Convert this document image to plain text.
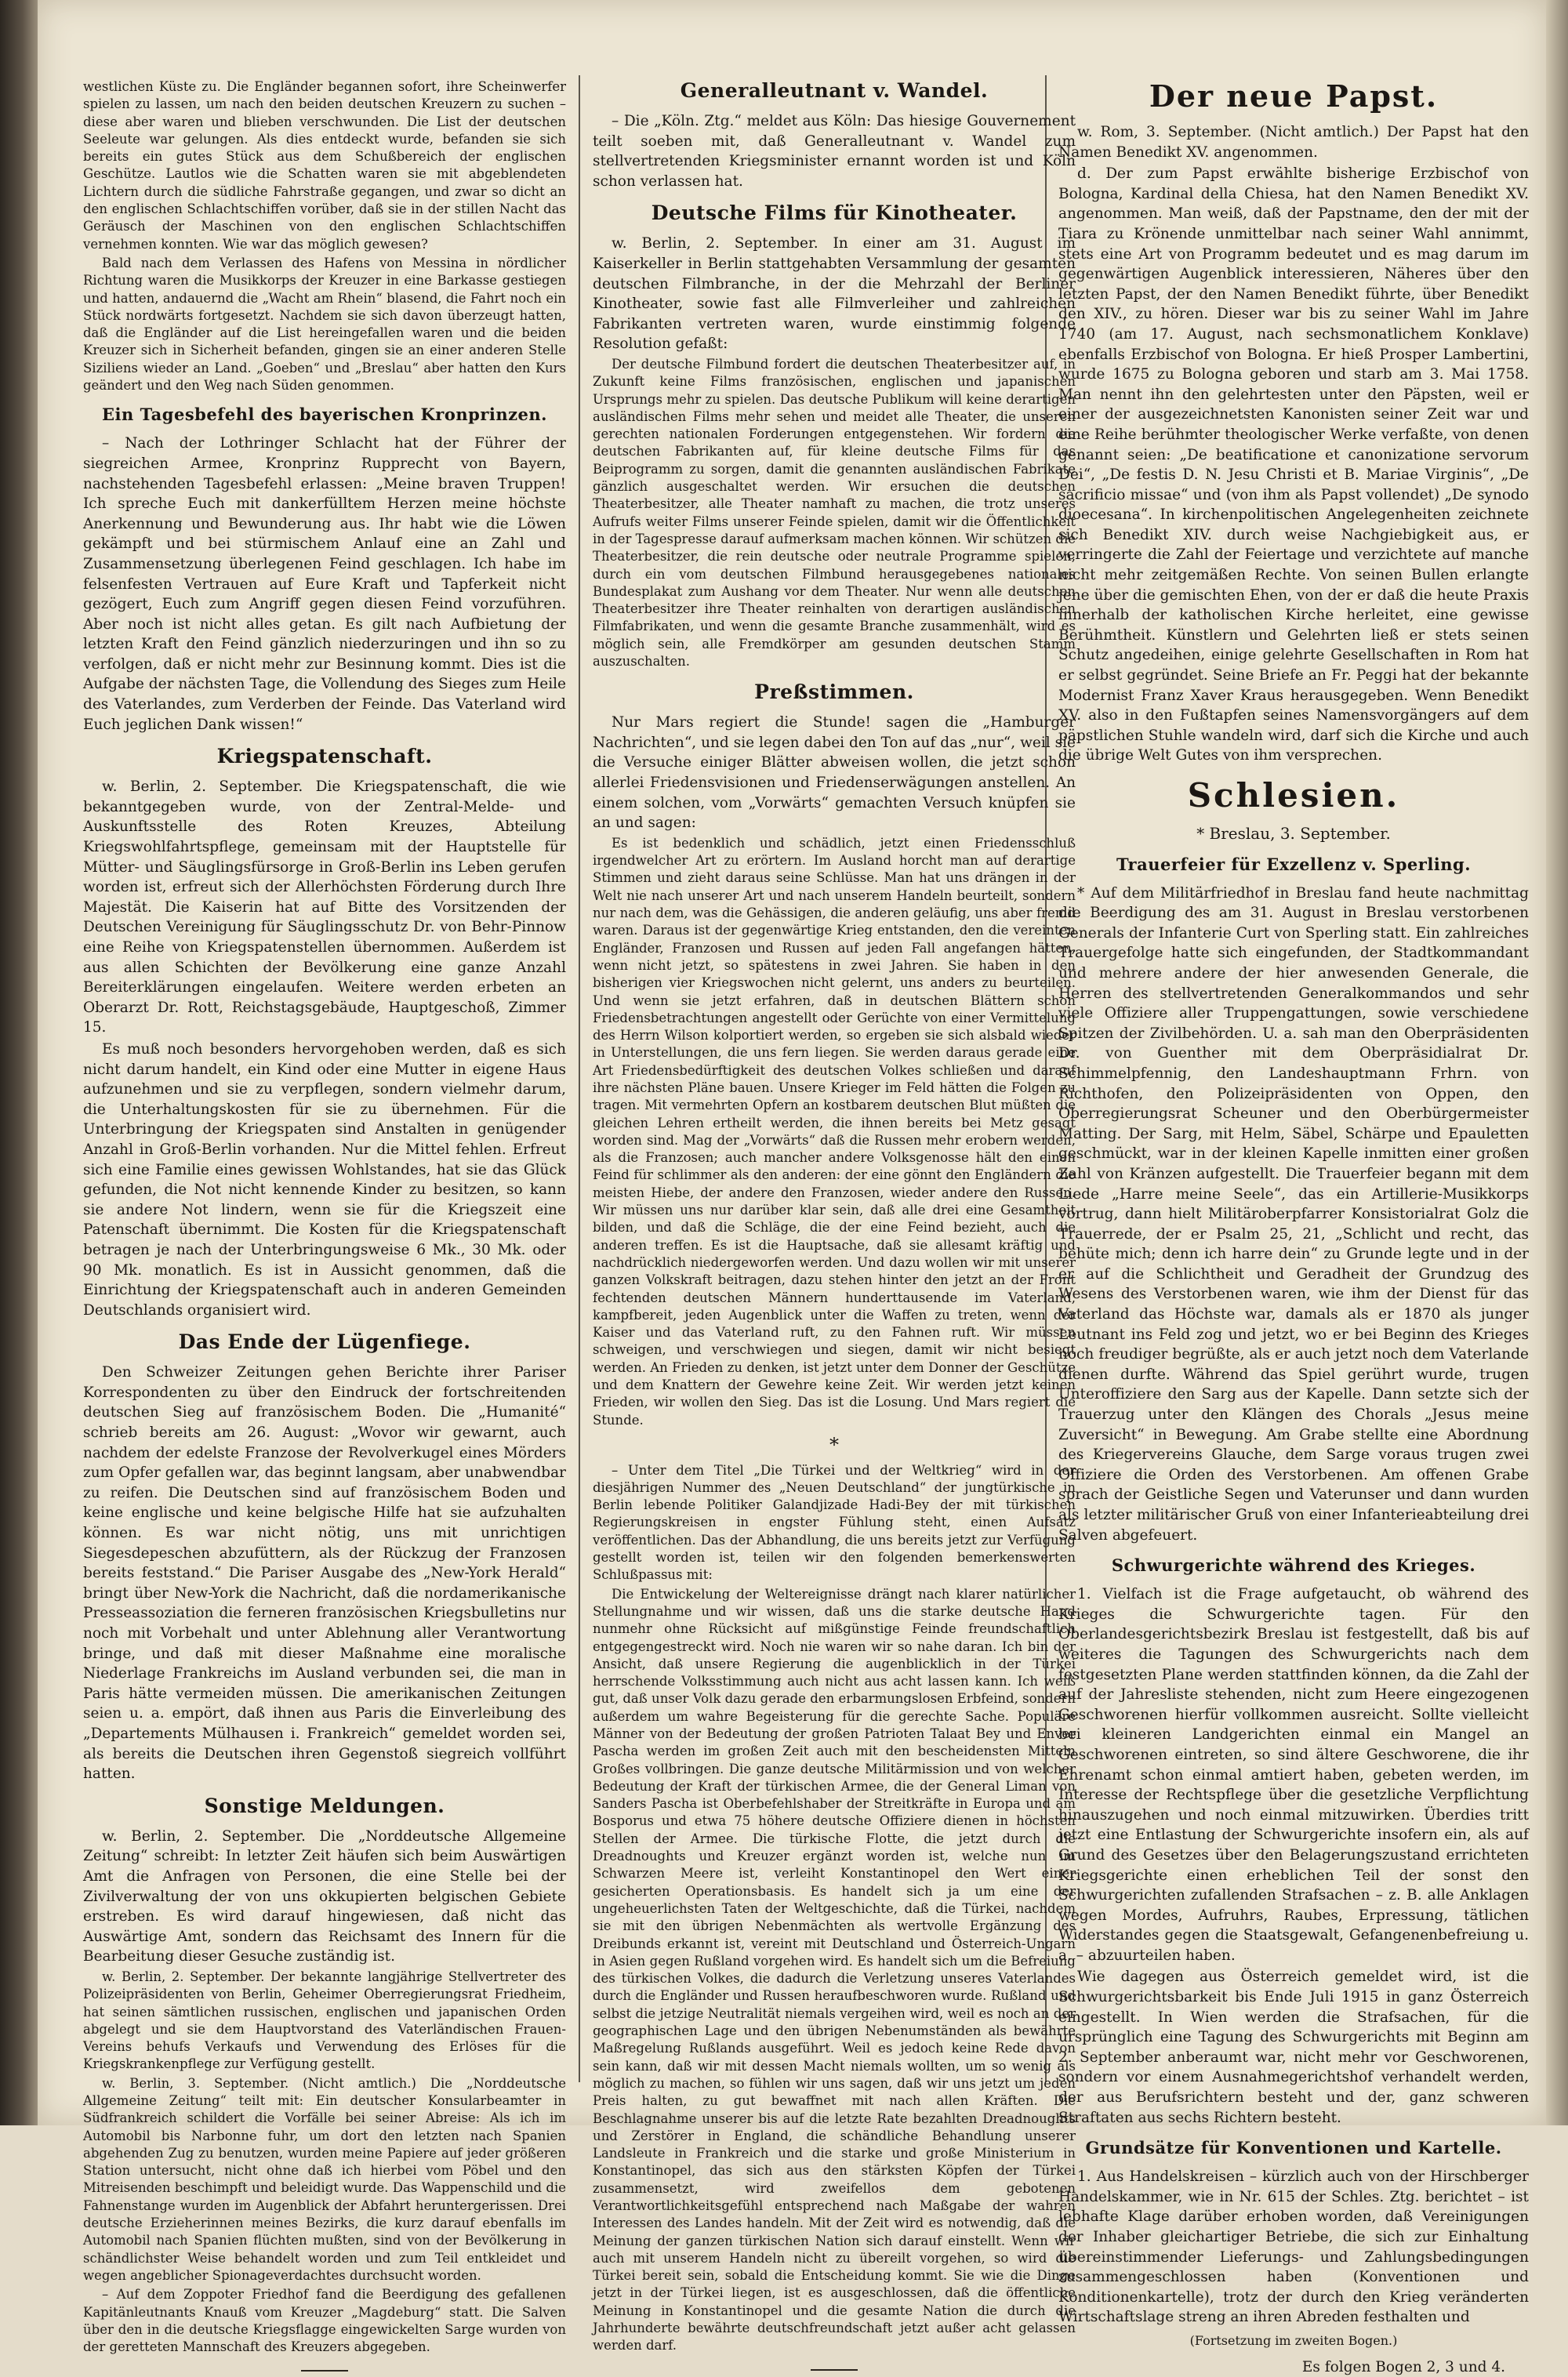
westlichen Küste zu. Die Engländer begannen sofort, ihre Scheinwerfer spielen zu lassen, um nach den beiden deutschen Kreuzern zu suchen – diese aber waren und blieben verschwunden. Die List der deutschen Seeleute war gelungen. Als dies entdeckt wurde, befanden sie sich bereits ein gutes Stück aus dem Schußbereich der englischen Geschütze. Lautlos wie die Schatten waren sie mit abgeblendeten Lichtern durch die südliche Fahrstraße gegangen, und zwar so dicht an den englischen Schlachtschiffen vorüber, daß sie in der stillen Nacht das Geräusch der Maschinen von den englischen Schlachtschiffen vernehmen konnten. Wie war das möglich gewesen?

Bald nach dem Verlassen des Hafens von Messina in nördlicher Richtung waren die Musikkorps der Kreuzer in eine Barkasse gestiegen und hatten, andauernd die „Wacht am Rhein“ blasend, die Fahrt noch ein Stück nordwärts fortgesetzt. Nachdem sie sich davon überzeugt hatten, daß die Engländer auf die List hereingefallen waren und die beiden Kreuzer sich in Sicherheit befanden, gingen sie an einer anderen Stelle Siziliens wieder an Land. „Goeben“ und „Breslau“ aber hatten den Kurs geändert und den Weg nach Süden genommen.

Ein Tagesbefehl des bayerischen Kronprinzen.

– Nach der Lothringer Schlacht hat der Führer der siegreichen Armee, Kronprinz Rupprecht von Bayern, nachstehenden Tagesbefehl erlassen: „Meine braven Truppen! Ich spreche Euch mit dankerfülltem Herzen meine höchste Anerkennung und Bewunderung aus. Ihr habt wie die Löwen gekämpft und bei stürmischem Anlauf eine an Zahl und Zusammensetzung überlegenen Feind geschlagen. Ich habe im felsenfesten Vertrauen auf Eure Kraft und Tapferkeit nicht gezögert, Euch zum Angriff gegen diesen Feind vorzuführen. Aber noch ist nicht alles getan. Es gilt nach Aufbietung der letzten Kraft den Feind gänzlich niederzuringen und ihn so zu verfolgen, daß er nicht mehr zur Besinnung kommt. Dies ist die Aufgabe der nächsten Tage, die Vollendung des Sieges zum Heile des Vaterlandes, zum Verderben der Feinde. Das Vaterland wird Euch jeglichen Dank wissen!“

Kriegspatenschaft.

w. Berlin, 2. September. Die Kriegspatenschaft, die wie bekanntgegeben wurde, von der Zentral-Melde- und Auskunftsstelle des Roten Kreuzes, Abteilung Kriegswohlfahrtspflege, gemeinsam mit der Hauptstelle für Mütter- und Säuglingsfürsorge in Groß-Berlin ins Leben gerufen worden ist, erfreut sich der Allerhöchsten Förderung durch Ihre Majestät. Die Kaiserin hat auf Bitte des Vorsitzenden der Deutschen Vereinigung für Säuglingsschutz Dr. von Behr-Pinnow eine Reihe von Kriegspatenstellen übernommen. Außerdem ist aus allen Schichten der Bevölkerung eine ganze Anzahl Bereiterklärungen eingelaufen. Weitere werden erbeten an Oberarzt Dr. Rott, Reichstagsgebäude, Hauptgeschoß, Zimmer 15.

Es muß noch besonders hervorgehoben werden, daß es sich nicht darum handelt, ein Kind oder eine Mutter in eigene Haus aufzunehmen und sie zu verpflegen, sondern vielmehr darum, die Unterhaltungskosten für sie zu übernehmen. Für die Unterbringung der Kriegspaten sind Anstalten in genügender Anzahl in Groß-Berlin vorhanden. Nur die Mittel fehlen. Erfreut sich eine Familie eines gewissen Wohlstandes, hat sie das Glück gefunden, die Not nicht kennende Kinder zu besitzen, so kann sie andere Not lindern, wenn sie für die Kriegszeit eine Patenschaft übernimmt. Die Kosten für die Kriegspatenschaft betragen je nach der Unterbringungsweise 6 Mk., 30 Mk. oder 90 Mk. monatlich. Es ist in Aussicht genommen, daß die Einrichtung der Kriegspatenschaft auch in anderen Gemeinden Deutschlands organisiert wird.

Das Ende der Lügenfiege.

Den Schweizer Zeitungen gehen Berichte ihrer Pariser Korrespondenten zu über den Eindruck der fortschreitenden deutschen Sieg auf französischem Boden. Die „Humanité“ schrieb bereits am 26. August: „Wovor wir gewarnt, auch nachdem der edelste Franzose der Revolverkugel eines Mörders zum Opfer gefallen war, das beginnt langsam, aber unabwendbar zu reifen. Die Deutschen sind auf französischem Boden und keine englische und keine belgische Hilfe hat sie aufzuhalten können. Es war nicht nötig, uns mit unrichtigen Siegesdepeschen abzufüttern, als der Rückzug der Franzosen bereits feststand.“ Die Pariser Ausgabe des „New-York Herald“ bringt über New-York die Nachricht, daß die nordamerikanische Presseassoziation die ferneren französischen Kriegsbulletins nur noch mit Vorbehalt und unter Ablehnung aller Verantwortung bringe, und daß mit dieser Maßnahme eine moralische Niederlage Frankreichs im Ausland verbunden sei, die man in Paris hätte vermeiden müssen. Die amerikanischen Zeitungen seien u. a. empört, daß ihnen aus Paris die Einverleibung des „Departements Mülhausen i. Frankreich“ gemeldet worden sei, als bereits die Deutschen ihren Gegenstoß siegreich vollführt hatten.

Sonstige Meldungen.

w. Berlin, 2. September. Die „Norddeutsche Allgemeine Zeitung“ schreibt: In letzter Zeit häufen sich beim Auswärtigen Amt die Anfragen von Personen, die eine Stelle bei der Zivilverwaltung der von uns okkupierten belgischen Gebiete erstreben. Es wird darauf hingewiesen, daß nicht das Auswärtige Amt, sondern das Reichsamt des Innern für die Bearbeitung dieser Gesuche zuständig ist.

w. Berlin, 2. September. Der bekannte langjährige Stellvertreter des Polizeipräsidenten von Berlin, Geheimer Oberregierungsrat Friedheim, hat seinen sämtlichen russischen, englischen und japanischen Orden abgelegt und sie dem Hauptvorstand des Vaterländischen Frauen-Vereins behufs Verkaufs und Verwendung des Erlöses für die Kriegskrankenpflege zur Verfügung gestellt.

w. Berlin, 3. September. (Nicht amtlich.) Die „Norddeutsche Allgemeine Zeitung“ teilt mit: Ein deutscher Konsularbeamter in Südfrankreich schildert die Vorfälle bei seiner Abreise: Als ich im Automobil bis Narbonne fuhr, um dort den letzten nach Spanien abgehenden Zug zu benutzen, wurden meine Papiere auf jeder größeren Station untersucht, nicht ohne daß ich hierbei vom Pöbel und den Mitreisenden beschimpft und beleidigt wurde. Das Wappenschild und die Fahnenstange wurden im Augenblick der Abfahrt heruntergerissen. Drei deutsche Erzieherinnen meines Bezirks, die kurz darauf ebenfalls im Automobil nach Spanien flüchten mußten, sind von der Bevölkerung in schändlichster Weise behandelt worden und zum Teil entkleidet und wegen angeblicher Spionageverdachtes durchsucht worden.

– Auf dem Zoppoter Friedhof fand die Beerdigung des gefallenen Kapitänleutnants Knauß vom Kreuzer „Magdeburg“ statt. Die Salven über den in die deutsche Kriegsflagge eingewickelten Sarge wurden von der geretteten Mannschaft des Kreuzers abgegeben.

Generalleutnant v. Wandel.

– Die „Köln. Ztg.“ meldet aus Köln: Das hiesige Gouvernement teilt soeben mit, daß Generalleutnant v. Wandel zum stellvertretenden Kriegsminister ernannt worden ist und Köln schon verlassen hat.

Deutsche Films für Kinotheater.

w. Berlin, 2. September. In einer am 31. August im Kaiserkeller in Berlin stattgehabten Versammlung der gesamten deutschen Filmbranche, in der die Mehrzahl der Berliner Kinotheater, sowie fast alle Filmverleiher und zahlreichen Fabrikanten vertreten waren, wurde einstimmig folgende Resolution gefaßt:

Der deutsche Filmbund fordert die deutschen Theaterbesitzer auf, in Zukunft keine Films französischen, englischen und japanischen Ursprungs mehr zu spielen. Das deutsche Publikum will keine derartigen ausländischen Films mehr sehen und meidet alle Theater, die unseren gerechten nationalen Forderungen entgegenstehen. Wir fordern die deutschen Fabrikanten auf, für kleine deutsche Films für das Beiprogramm zu sorgen, damit die genannten ausländischen Fabrikate gänzlich ausgeschaltet werden. Wir ersuchen die deutschen Theaterbesitzer, alle Theater namhaft zu machen, die trotz unseres Aufrufs weiter Films unserer Feinde spielen, damit wir die Öffentlichkeit in der Tagespresse darauf aufmerksam machen können. Wir schützen die Theaterbesitzer, die rein deutsche oder neutrale Programme spielen, durch ein vom deutschen Filmbund herausgegebenes nationales Bundesplakat zum Aushang vor dem Theater. Nur wenn alle deutschen Theaterbesitzer ihre Theater reinhalten von derartigen ausländischen Filmfabrikaten, und wenn die gesamte Branche zusammenhält, wird es möglich sein, alle Fremdkörper am gesunden deutschen Stamm auszuschalten.

Preßstimmen.

Nur Mars regiert die Stunde! sagen die „Hamburger Nachrichten“, und sie legen dabei den Ton auf das „nur“, weil sie die Versuche einiger Blätter abweisen wollen, die jetzt schon allerlei Friedensvisionen und Friedenserwägungen anstellen. An einem solchen, vom „Vorwärts“ gemachten Versuch knüpfen sie an und sagen:

Es ist bedenklich und schädlich, jetzt einen Friedensschluß irgendwelcher Art zu erörtern. Im Ausland horcht man auf derartige Stimmen und zieht daraus seine Schlüsse. Man hat uns drängen in der Welt nie nach unserer Art und nach unserem Handeln beurteilt, sondern nur nach dem, was die Gehässigen, die anderen geläufig, uns aber fremd waren. Daraus ist der gegenwärtige Krieg entstanden, den die vereinten Engländer, Franzosen und Russen auf jeden Fall angefangen hätten, wenn nicht jetzt, so spätestens in zwei Jahren. Sie haben in den bisherigen vier Kriegswochen nicht gelernt, uns anders zu beurteilen. Und wenn sie jetzt erfahren, daß in deutschen Blättern schon Friedensbetrachtungen angestellt oder Gerüchte von einer Vermittelung des Herrn Wilson kolportiert werden, so ergeben sie sich alsbald wieder in Unterstellungen, die uns fern liegen. Sie werden daraus gerade eine Art Friedensbedürftigkeit des deutschen Volkes schließen und darauf ihre nächsten Pläne bauen. Unsere Krieger im Feld hätten die Folgen zu tragen. Mit vermehrten Opfern an kostbarem deutschen Blut müßten die gleichen Lehren ertheilt werden, die ihnen bereits bei Metz gesagt worden sind. Mag der „Vorwärts“ daß die Russen mehr erobern werden, als die Franzosen; auch mancher andere Volksgenosse hält den einen Feind für schlimmer als den anderen: der eine gönnt den Engländern die meisten Hiebe, der andere den Franzosen, wieder andere den Russen. Wir müssen uns nur darüber klar sein, daß alle drei eine Gesamtheit bilden, und daß die Schläge, die der eine Feind bezieht, auch die anderen treffen. Es ist die Hauptsache, daß sie allesamt kräftig und nachdrücklich niedergeworfen werden. Und dazu wollen wir mit unserer ganzen Volkskraft beitragen, dazu stehen hinter den jetzt an der Front fechtenden deutschen Männern hunderttausende im Vaterland, kampfbereit, jeden Augenblick unter die Waffen zu treten, wenn der Kaiser und das Vaterland ruft, zu den Fahnen ruft. Wir müssen schweigen, und verschwiegen und siegen, damit wir nicht besiegt werden. An Frieden zu denken, ist jetzt unter dem Donner der Geschütze und dem Knattern der Gewehre keine Zeit. Wir werden jetzt keinen Frieden, wir wollen den Sieg. Das ist die Losung. Und Mars regiert die Stunde.

*

– Unter dem Titel „Die Türkei und der Weltkrieg“ wird in der diesjährigen Nummer des „Neuen Deutschland“ der jungtürkische in Berlin lebende Politiker Galandjizade Hadi-Bey der mit türkischen Regierungskreisen in engster Fühlung steht, einen Aufsatz veröffentlichen. Das der Abhandlung, die uns bereits jetzt zur Verfügung gestellt worden ist, teilen wir den folgenden bemerkenswerten Schlußpassus mit:

Die Entwickelung der Weltereignisse drängt nach klarer natürlicher Stellungnahme und wir wissen, daß uns die starke deutsche Hand nunmehr ohne Rücksicht auf mißgünstige Feinde freundschaftlich entgegengestreckt wird. Noch nie waren wir so nahe daran. Ich bin der Ansicht, daß unsere Regierung die augenblicklich in der Türkei herrschende Volksstimmung auch nicht aus acht lassen kann. Ich weiß gut, daß unser Volk dazu gerade den erbarmungslosen Erbfeind, sondern außerdem um wahre Begeisterung für die gerechte Sache. Populäre Männer von der Bedeutung der großen Patrioten Talaat Bey und Enver Pascha werden im großen Zeit auch mit den bescheidensten Mitteln Großes vollbringen. Die ganze deutsche Militärmission und von welcher Bedeutung der Kraft der türkischen Armee, die der General Liman von Sanders Pascha ist Oberbefehlshaber der Streitkräfte in Europa und am Bosporus und etwa 75 höhere deutsche Offiziere dienen in höchsten Stellen der Armee. Die türkische Flotte, die jetzt durch die Dreadnoughts und Kreuzer ergänzt worden ist, welche nun im Schwarzen Meere ist, verleiht Konstantinopel den Wert einer gesicherten Operationsbasis. Es handelt sich ja um eine der ungeheuerlichsten Taten der Weltgeschichte, daß die Türkei, nachdem sie mit den übrigen Nebenmächten als wertvolle Ergänzung des Dreibunds erkannt ist, vereint mit Deutschland und Österreich-Ungarn in Asien gegen Rußland vorgehen wird. Es handelt sich um die Befreiung des türkischen Volkes, die dadurch die Verletzung unseres Vaterlandes durch die Engländer und Russen heraufbeschworen wurde. Rußland und selbst die jetzige Neutralität niemals vergeihen wird, weil es noch an der geographischen Lage und den übrigen Nebenumständen als bewährte Maßregelung Rußlands ausgeführt. Weil es jedoch keine Rede davon sein kann, daß wir mit dessen Macht niemals wollten, um so wenig als möglich zu machen, so fühlen wir uns sagen, daß wir uns jetzt um jeden Preis halten, zu gut bewaffnet mit nach allen Kräften. Die Beschlagnahme unserer bis auf die letzte Rate bezahlten Dreadnoughts und Zerstörer in England, die schändliche Behandlung unserer Landsleute in Frankreich und die starke und große Ministerium in Konstantinopel, das sich aus den stärksten Köpfen der Türkei zusammensetzt, wird zweifellos dem gebotenen Verantwortlichkeitsgefühl entsprechend nach Maßgabe der wahren Interessen des Landes handeln. Mit der Zeit wird es notwendig, daß die Meinung der ganzen türkischen Nation sich darauf einstellt. Wenn wir auch mit unserem Handeln nicht zu übereilt vorgehen, so wird die Türkei bereit sein, sobald die Entscheidung kommt. Sie wie die Dinge jetzt in der Türkei liegen, ist es ausgeschlossen, daß die öffentliche Meinung in Konstantinopel und die gesamte Nation die durch die Jahrhunderte bewährte deutschfreundschaft jetzt außer acht gelassen werden darf.

Der neue Papst.

w. Rom, 3. September. (Nicht amtlich.) Der Papst hat den Namen Benedikt XV. angenommen.

d. Der zum Papst erwählte bisherige Erzbischof von Bologna, Kardinal della Chiesa, hat den Namen Benedikt XV. angenommen. Man weiß, daß der Papstname, den der mit der Tiara zu Krönende unmittelbar nach seiner Wahl annimmt, stets eine Art von Programm bedeutet und es mag darum im gegenwärtigen Augenblick interessieren, Näheres über den letzten Papst, der den Namen Benedikt führte, über Benedikt den XIV., zu hören. Dieser war bis zu seiner Wahl im Jahre 1740 (am 17. August, nach sechsmonatlichem Konklave) ebenfalls Erzbischof von Bologna. Er hieß Prosper Lambertini, wurde 1675 zu Bologna geboren und starb am 3. Mai 1758. Man nennt ihn den gelehrtesten unter den Päpsten, weil er einer der ausgezeichnetsten Kanonisten seiner Zeit war und eine Reihe berühmter theologischer Werke verfaßte, von denen genannt seien: „De beatificatione et canonizatione servorum Dei“, „De festis D. N. Jesu Christi et B. Mariae Virginis“, „De sacrificio missae“ und (von ihm als Papst vollendet) „De synodo dioecesana“. In kirchenpolitischen Angelegenheiten zeichnete sich Benedikt XIV. durch weise Nachgiebigkeit aus, er verringerte die Zahl der Feiertage und verzichtete auf manche nicht mehr zeitgemäßen Rechte. Von seinen Bullen erlangte jene über die gemischten Ehen, von der er daß die heute Praxis innerhalb der katholischen Kirche herleitet, eine gewisse Berühmtheit. Künstlern und Gelehrten ließ er stets seinen Schutz angedeihen, einige gelehrte Gesellschaften in Rom hat er selbst gegründet. Seine Briefe an Fr. Peggi hat der bekannte Modernist Franz Xaver Kraus herausgegeben. Wenn Benedikt XV. also in den Fußtapfen seines Namensvorgängers auf dem päpstlichen Stuhle wandeln wird, darf sich die Kirche und auch die übrige Welt Gutes von ihm versprechen.

Schlesien.
* Breslau, 3. September.
Trauerfeier für Exzellenz v. Sperling.

* Auf dem Militärfriedhof in Breslau fand heute nachmittag die Beerdigung des am 31. August in Breslau verstorbenen Generals der Infanterie Curt von Sperling statt. Ein zahlreiches Trauergefolge hatte sich eingefunden, der Stadtkommandant und mehrere andere der hier anwesenden Generale, die Herren des stellvertretenden Generalkommandos und sehr viele Offiziere aller Truppengattungen, sowie verschiedene Spitzen der Zivilbehörden. U. a. sah man den Oberpräsidenten Dr. von Guenther mit dem Oberpräsidialrat Dr. Schimmelpfennig, den Landeshauptmann Frhrn. von Richthofen, den Polizeipräsidenten von Oppen, den Oberregierungsrat Scheuner und den Oberbürgermeister Matting. Der Sarg, mit Helm, Säbel, Schärpe und Epauletten geschmückt, war in der kleinen Kapelle inmitten einer großen Zahl von Kränzen aufgestellt. Die Trauerfeier begann mit dem Liede „Harre meine Seele“, das ein Artillerie-Musikkorps vortrug, dann hielt Militäroberpfarrer Konsistorialrat Golz die Trauerrede, der er Psalm 25, 21, „Schlicht und recht, das behüte mich; denn ich harre dein“ zu Grunde legte und in der er auf die Schlichtheit und Geradheit der Grundzug des Wesens des Verstorbenen waren, wie ihm der Dienst für das Vaterland das Höchste war, damals als er 1870 als junger Leutnant ins Feld zog und jetzt, wo er bei Beginn des Krieges noch freudiger begrüßte, als er auch jetzt noch dem Vaterlande dienen durfte. Während das Spiel gerührt wurde, trugen Unteroffiziere den Sarg aus der Kapelle. Dann setzte sich der Trauerzug unter den Klängen des Chorals „Jesus meine Zuversicht“ in Bewegung. Am Grabe stellte eine Abordnung des Kriegervereins Glauche, dem Sarge voraus trugen zwei Offiziere die Orden des Verstorbenen. Am offenen Grabe sprach der Geistliche Segen und Vaterunser und dann wurden als letzter militärischer Gruß von einer Infanterieabteilung drei Salven abgefeuert.

Schwurgerichte während des Krieges.

1. Vielfach ist die Frage aufgetaucht, ob während des Krieges die Schwurgerichte tagen. Für den Oberlandesgerichtsbezirk Breslau ist festgestellt, daß bis auf weiteres die Tagungen des Schwurgerichts nach dem festgesetzten Plane werden stattfinden können, da die Zahl der auf der Jahresliste stehenden, nicht zum Heere eingezogenen Geschworenen hierfür vollkommen ausreicht. Sollte vielleicht bei kleineren Landgerichten einmal ein Mangel an Geschworenen eintreten, so sind ältere Geschworene, die ihr Ehrenamt schon einmal amtiert haben, gebeten werden, im Interesse der Rechtspflege über die gesetzliche Verpflichtung hinauszugehen und noch einmal mitzuwirken. Überdies tritt jetzt eine Entlastung der Schwurgerichte insofern ein, als auf Grund des Gesetzes über den Belagerungszustand errichteten Kriegsgerichte einen erheblichen Teil der sonst den Schwurgerichten zufallenden Strafsachen – z. B. alle Anklagen wegen Mordes, Aufruhrs, Raubes, Erpressung, tätlichen Widerstandes gegen die Staatsgewalt, Gefangenenbefreiung u. a. – abzuurteilen haben.

Wie dagegen aus Österreich gemeldet wird, ist die Schwurgerichtsbarkeit bis Ende Juli 1915 in ganz Österreich eingestellt. In Wien werden die Strafsachen, für die ursprünglich eine Tagung des Schwurgerichts mit Beginn am 2. September anberaumt war, nicht mehr vor Geschworenen, sondern vor einem Ausnahmegerichtshof verhandelt werden, der aus Berufsrichtern besteht und der, ganz schweren Straftaten aus sechs Richtern besteht.

Grundsätze für Konventionen und Kartelle.

1. Aus Handelskreisen – kürzlich auch von der Hirschberger Handelskammer, wie in Nr. 615 der Schles. Ztg. berichtet – ist lebhafte Klage darüber erhoben worden, daß Vereinigungen der Inhaber gleichartiger Betriebe, die sich zur Einhaltung übereinstimmender Lieferungs- und Zahlungsbedingungen zusammengeschlossen haben (Konventionen und Konditionenkartelle), trotz der durch den Krieg veränderten Wirtschaftslage streng an ihren Abreden festhalten und

(Fortsetzung im zweiten Bogen.)
Es folgen Bogen 2, 3 und 4.
